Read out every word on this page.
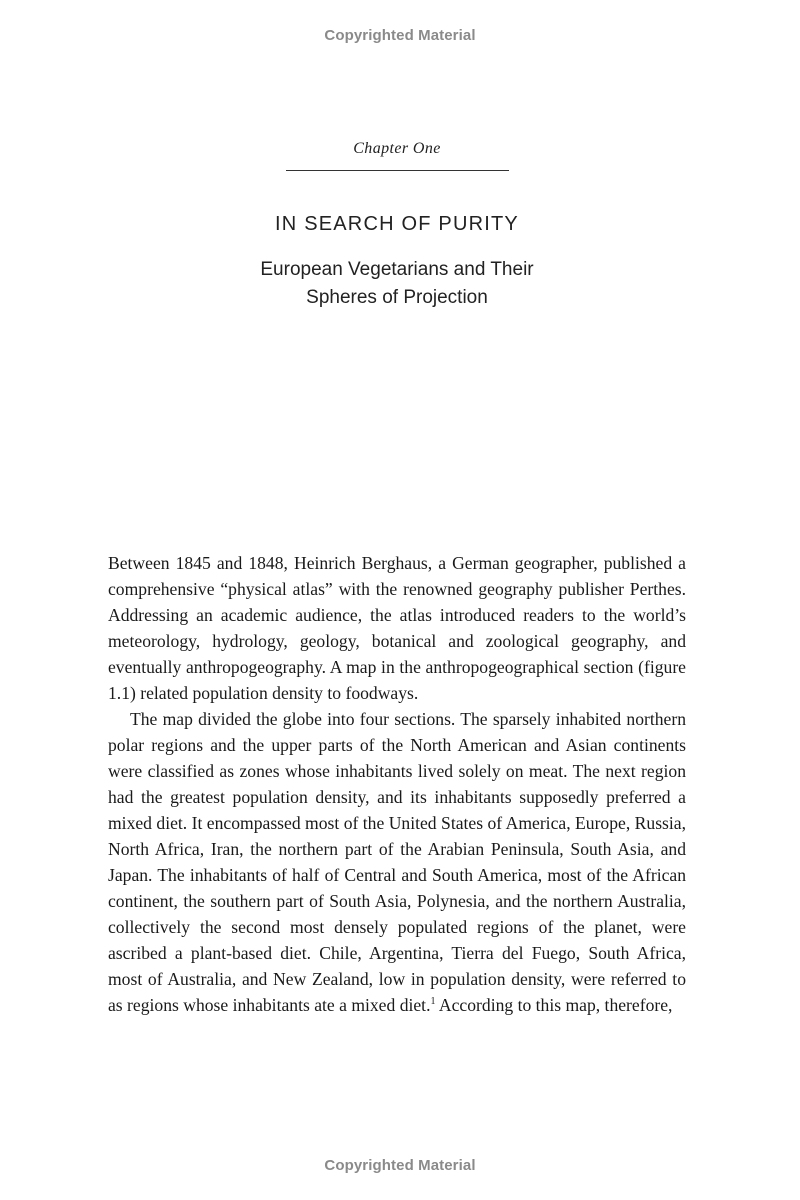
Copyrighted Material
Chapter One
IN SEARCH OF PURITY
European Vegetarians and Their
Spheres of Projection

Between 1845 and 1848, Heinrich Berghaus, a German geographer, published a comprehensive “physical atlas” with the renowned geography publisher Perthes. Addressing an academic audience, the atlas introduced readers to the world’s meteorology, hydrology, geology, botanical and zoological geography, and eventually anthropogeography. A map in the anthropogeographical section (figure 1.1) related population density to foodways.

The map divided the globe into four sections. The sparsely inhabited northern polar regions and the upper parts of the North American and Asian continents were classified as zones whose inhabitants lived solely on meat. The next region had the greatest population density, and its inhabitants supposedly preferred a mixed diet. It encompassed most of the United States of America, Europe, Russia, North Africa, Iran, the northern part of the Arabian Peninsula, South Asia, and Japan. The inhabitants of half of Central and South America, most of the African continent, the southern part of South Asia, Polynesia, and the northern Australia, collectively the second most densely populated regions of the planet, were ascribed a plant-based diet. Chile, Argentina, Tierra del Fuego, South Africa, most of Australia, and New Zealand, low in population density, were referred to as regions whose inhabitants ate a mixed diet.$^1$ According to this map, therefore,

Copyrighted Material
